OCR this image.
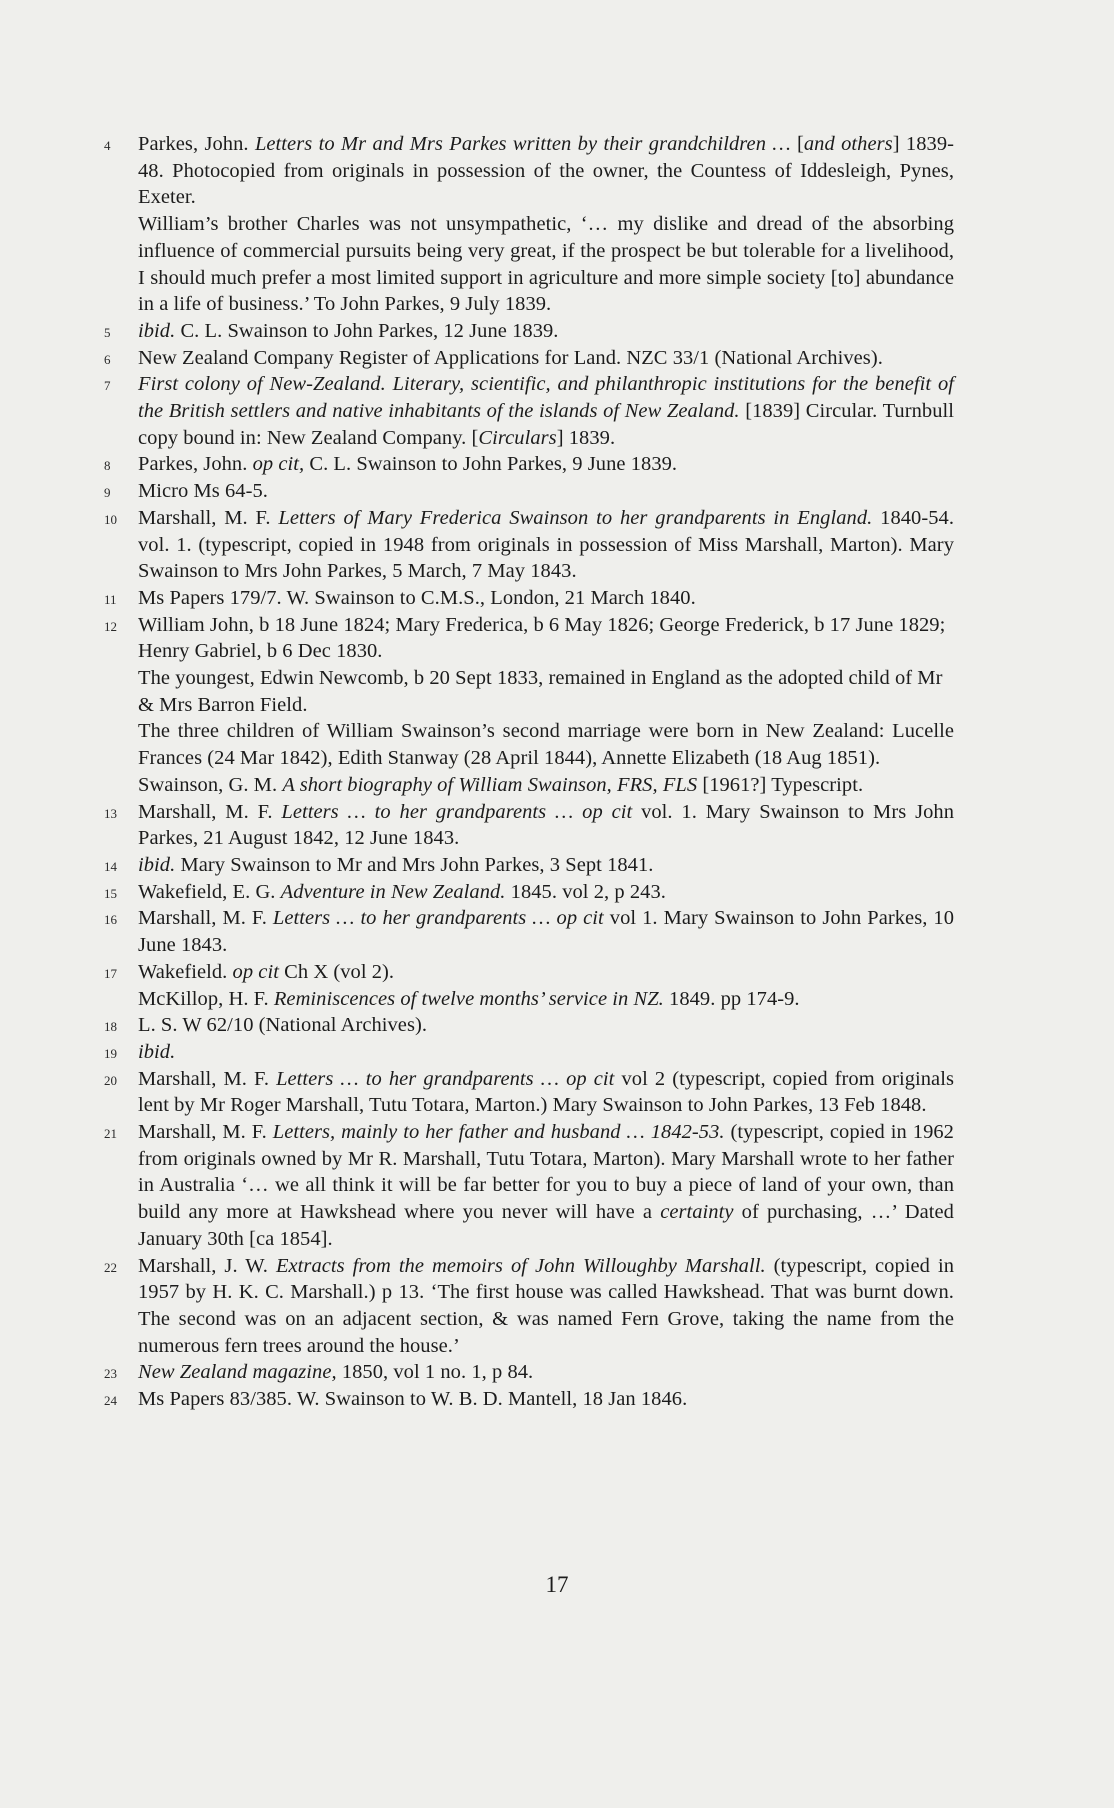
4	Parkes, John. Letters to Mr and Mrs Parkes written by their grandchildren … [and others] 1839-48. Photocopied from originals in possession of the owner, the Countess of Iddesleigh, Pynes, Exeter.

William’s brother Charles was not unsympathetic, ‘… my dislike and dread of the absorbing influence of commercial pursuits being very great, if the prospect be but tolerable for a livelihood, I should much prefer a most limited support in agriculture and more simple society [to] abundance in a life of business.’ To John Parkes, 9 July 1839.

5	ibid. C. L. Swainson to John Parkes, 12 June 1839.

6	New Zealand Company Register of Applications for Land. NZC 33/1 (National Archives).

7	First colony of New-Zealand. Literary, scientific, and philanthropic institutions for the benefit of the British settlers and native inhabitants of the islands of New Zealand. [1839] Circular. Turnbull copy bound in: New Zealand Company. [Circulars] 1839.

8	Parkes, John. op cit, C. L. Swainson to John Parkes, 9 June 1839.

9	Micro Ms 64-5.

10	Marshall, M. F. Letters of Mary Frederica Swainson to her grandparents in England. 1840-54. vol. 1. (typescript, copied in 1948 from originals in possession of Miss Marshall, Marton). Mary Swainson to Mrs John Parkes, 5 March, 7 May 1843.

11	Ms Papers 179/7. W. Swainson to C.M.S., London, 21 March 1840.

12	William John, b 18 June 1824; Mary Frederica, b 6 May 1826; George Frederick, b 17 June 1829; Henry Gabriel, b 6 Dec 1830.

The youngest, Edwin Newcomb, b 20 Sept 1833, remained in England as the adopted child of Mr & Mrs Barron Field.

The three children of William Swainson’s second marriage were born in New Zealand: Lucelle Frances (24 Mar 1842), Edith Stanway (28 April 1844), Annette Elizabeth (18 Aug 1851).

Swainson, G. M. A short biography of William Swainson, FRS, FLS [1961?] Typescript.

13	Marshall, M. F. Letters … to her grandparents … op cit vol. 1. Mary Swainson to Mrs John Parkes, 21 August 1842, 12 June 1843.

14	ibid. Mary Swainson to Mr and Mrs John Parkes, 3 Sept 1841.

15	Wakefield, E. G. Adventure in New Zealand. 1845. vol 2, p 243.

16	Marshall, M. F. Letters … to her grandparents … op cit vol 1. Mary Swainson to John Parkes, 10 June 1843.

17	Wakefield. op cit Ch X (vol 2).

McKillop, H. F. Reminiscences of twelve months’ service in NZ. 1849. pp 174-9.

18	L. S. W 62/10 (National Archives).

19	ibid.

20	Marshall, M. F. Letters … to her grandparents … op cit vol 2 (typescript, copied from originals lent by Mr Roger Marshall, Tutu Totara, Marton.) Mary Swainson to John Parkes, 13 Feb 1848.

21	Marshall, M. F. Letters, mainly to her father and husband … 1842-53. (typescript, copied in 1962 from originals owned by Mr R. Marshall, Tutu Totara, Marton). Mary Marshall wrote to her father in Australia ‘… we all think it will be far better for you to buy a piece of land of your own, than build any more at Hawkshead where you never will have a certainty of purchasing, …’ Dated January 30th [ca 1854].

22	Marshall, J. W. Extracts from the memoirs of John Willoughby Marshall. (typescript, copied in 1957 by H. K. C. Marshall.) p 13. ‘The first house was called Hawkshead. That was burnt down. The second was on an adjacent section, & was named Fern Grove, taking the name from the numerous fern trees around the house.’

23	New Zealand magazine, 1850, vol 1 no. 1, p 84.

24	Ms Papers 83/385. W. Swainson to W. B. D. Mantell, 18 Jan 1846.

17
